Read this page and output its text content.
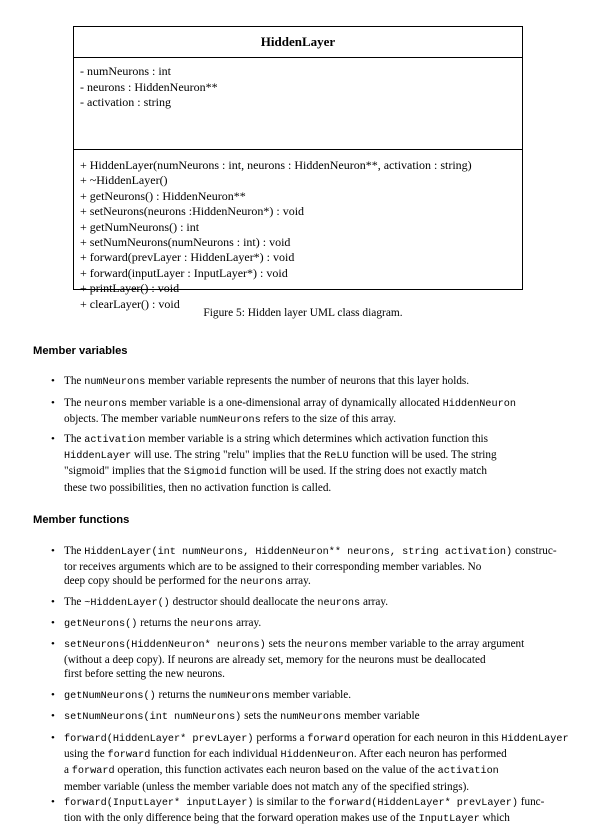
HiddenLayer
- numNeurons : int
- neurons : HiddenNeuron**
- activation : string
+ HiddenLayer(numNeurons : int, neurons : HiddenNeuron**, activation : string)
+ ~HiddenLayer()
+ getNeurons() : HiddenNeuron**
+ setNeurons(neurons :HiddenNeuron*) : void
+ getNumNeurons() : int
+ setNumNeurons(numNeurons : int) : void
+ forward(prevLayer : HiddenLayer*) : void
+ forward(inputLayer : InputLayer*) : void
+ printLayer() : void
+ clearLayer() : void
Figure 5: Hidden layer UML class diagram.
Member variables
• The numNeurons member variable represents the number of neurons that this layer holds.
• The neurons member variable is a one-dimensional array of dynamically allocated HiddenNeuron
objects. The member variable numNeurons refers to the size of this array.
• The activation member variable is a string which determines which activation function this
HiddenLayer will use. The string "relu" implies that the ReLU function will be used. The string
"sigmoid" implies that the Sigmoid function will be used. If the string does not exactly match
these two possibilities, then no activation function is called.
Member functions
• The HiddenLayer(int numNeurons, HiddenNeuron** neurons, string activation) construc-
tor receives arguments which are to be assigned to their corresponding member variables. No
deep copy should be performed for the neurons array.
• The ~HiddenLayer() destructor should deallocate the neurons array.
• getNeurons() returns the neurons array.
• setNeurons(HiddenNeuron* neurons) sets the neurons member variable to the array argument
(without a deep copy). If neurons are already set, memory for the neurons must be deallocated
first before setting the new neurons.
• getNumNeurons() returns the numNeurons member variable.
• setNumNeurons(int numNeurons) sets the numNeurons member variable
• forward(HiddenLayer* prevLayer) performs a forward operation for each neuron in this HiddenLayer
using the forward function for each individual HiddenNeuron. After each neuron has performed
a forward operation, this function activates each neuron based on the value of the activation
member variable (unless the member variable does not match any of the specified strings).
• forward(InputLayer* inputLayer) is similar to the forward(HiddenLayer* prevLayer) func-
tion with the only difference being that the forward operation makes use of the InputLayer which
